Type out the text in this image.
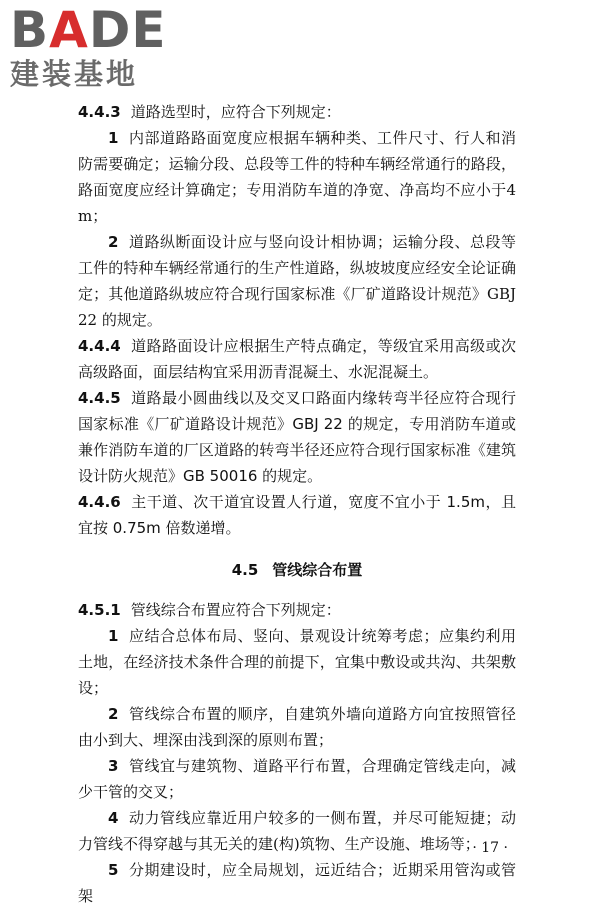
BADE
建装基地

4.4.3 道路选型时，应符合下列规定：

1 内部道路路面宽度应根据车辆种类、工件尺寸、行人和消防需要确定；运输分段、总段等工件的特种车辆经常通行的路段，路面宽度应经计算确定；专用消防车道的净宽、净高均不应小于4m；

2 道路纵断面设计应与竖向设计相协调；运输分段、总段等工件的特种车辆经常通行的生产性道路，纵坡坡度应经安全论证确定；其他道路纵坡应符合现行国家标准《厂矿道路设计规范》GBJ 22 的规定。

4.4.4 道路路面设计应根据生产特点确定，等级宜采用高级或次高级路面，面层结构宜采用沥青混凝土、水泥混凝土。

4.4.5 道路最小圆曲线以及交叉口路面内缘转弯半径应符合现行国家标准《厂矿道路设计规范》GBJ 22 的规定，专用消防车道或兼作消防车道的厂区道路的转弯半径还应符合现行国家标准《建筑设计防火规范》GB 50016 的规定。

4.4.6 主干道、次干道宜设置人行道，宽度不宜小于 1.5m，且宜按 0.75m 倍数递增。

4.5 管线综合布置

4.5.1 管线综合布置应符合下列规定：

1 应结合总体布局、竖向、景观设计统筹考虑；应集约利用土地，在经济技术条件合理的前提下，宜集中敷设或共沟、共架敷设；

2 管线综合布置的顺序，自建筑外墙向道路方向宜按照管径由小到大、埋深由浅到深的原则布置；

3 管线宜与建筑物、道路平行布置，合理确定管线走向，减少干管的交叉；

4 动力管线应靠近用户较多的一侧布置，并尽可能短捷；动力管线不得穿越与其无关的建(构)筑物、生产设施、堆场等；

5 分期建设时，应全局规划，远近结合；近期采用管沟或管架

· 17 ·
